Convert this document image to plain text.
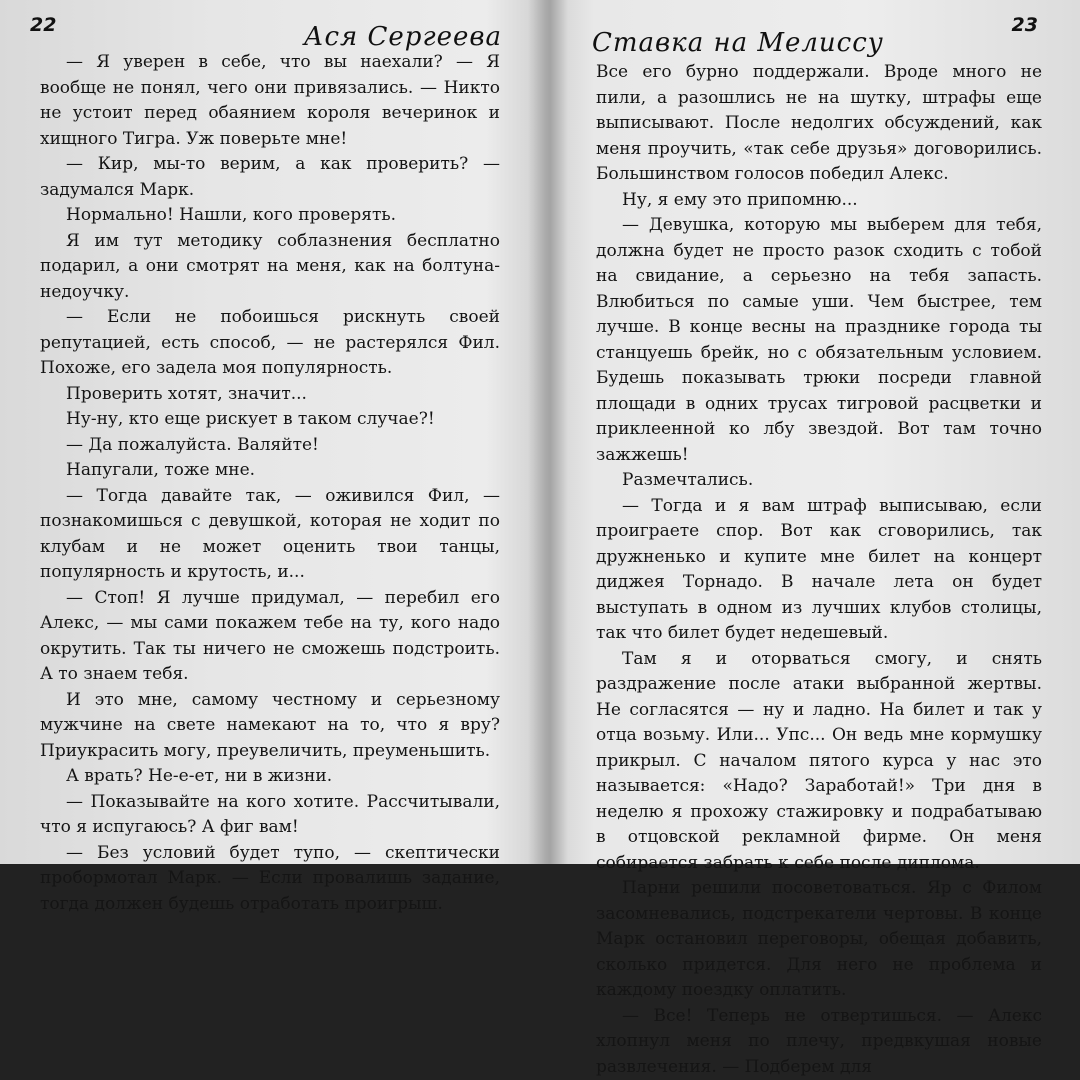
22	Ася Сергеева

— Я уверен в себе, что вы наехали? — Я вообще не понял, чего они привязались. — Никто не устоит перед обаянием короля вечеринок и хищного Тигра. Уж поверьте мне!

— Кир, мы-то верим, а как проверить? — задумался Марк.

Нормально! Нашли, кого проверять.

Я им тут методику соблазнения бесплатно подарил, а они смотрят на меня, как на болтуна-недоучку.

— Если не побоишься рискнуть своей репутацией, есть способ, — не растерялся Фил. Похоже, его задела моя популярность.

Проверить хотят, значит...

Ну-ну, кто еще рискует в таком случае?!

— Да пожалуйста. Валяйте!

Напугали, тоже мне.

— Тогда давайте так, — оживился Фил, — познакомишься с девушкой, которая не ходит по клубам и не может оценить твои танцы, популярность и крутость, и...

— Стоп! Я лучше придумал, — перебил его Алекс, — мы сами покажем тебе на ту, кого надо окрутить. Так ты ничего не сможешь подстроить. А то знаем тебя.

И это мне, самому честному и серьезному мужчине на свете намекают на то, что я вру? Приукрасить могу, преувеличить, преуменьшить.

А врать? Не-е-ет, ни в жизни.

— Показывайте на кого хотите. Рассчитывали, что я испугаюсь? А фиг вам!

— Без условий будет тупо, — скептически пробормотал Марк. — Если провалишь задание, тогда должен будешь отработать проигрыш.

Ставка на Мелиссу
23

Все его бурно поддержали. Вроде много не пили, а разошлись не на шутку, штрафы еще выписывают. После недолгих обсуждений, как меня проучить, «так себе друзья» договорились. Большинством голосов победил Алекс.

Ну, я ему это припомню...

— Девушка, которую мы выберем для тебя, должна будет не просто разок сходить с тобой на свидание, а серьезно на тебя запасть. Влюбиться по самые уши. Чем быстрее, тем лучше. В конце весны на празднике города ты станцуешь брейк, но с обязательным условием. Будешь показывать трюки посреди главной площади в одних трусах тигровой расцветки и приклеенной ко лбу звездой. Вот там точно зажжешь!

Размечтались.

— Тогда и я вам штраф выписываю, если проиграете спор. Вот как сговорились, так дружненько и купите мне билет на концерт диджея Торнадо. В начале лета он будет выступать в одном из лучших клубов столицы, так что билет будет недешевый.

Там я и оторваться смогу, и снять раздражение после атаки выбранной жертвы. Не согласятся — ну и ладно. На билет и так у отца возьму. Или... Упс... Он ведь мне кормушку прикрыл. С началом пятого курса у нас это называется: «Надо? Заработай!» Три дня в неделю я прохожу стажировку и подрабатываю в отцовской рекламной фирме. Он меня собирается забрать к себе после диплома.

Парни решили посоветоваться. Яр с Филом засомневались, подстрекатели чертовы. В конце Марк остановил переговоры, обещая добавить, сколько придется. Для него не проблема и каждому поездку оплатить.

— Все! Теперь не отвертишься. — Алекс хлопнул меня по плечу, предвкушая новые развлечения. — Подберем для
